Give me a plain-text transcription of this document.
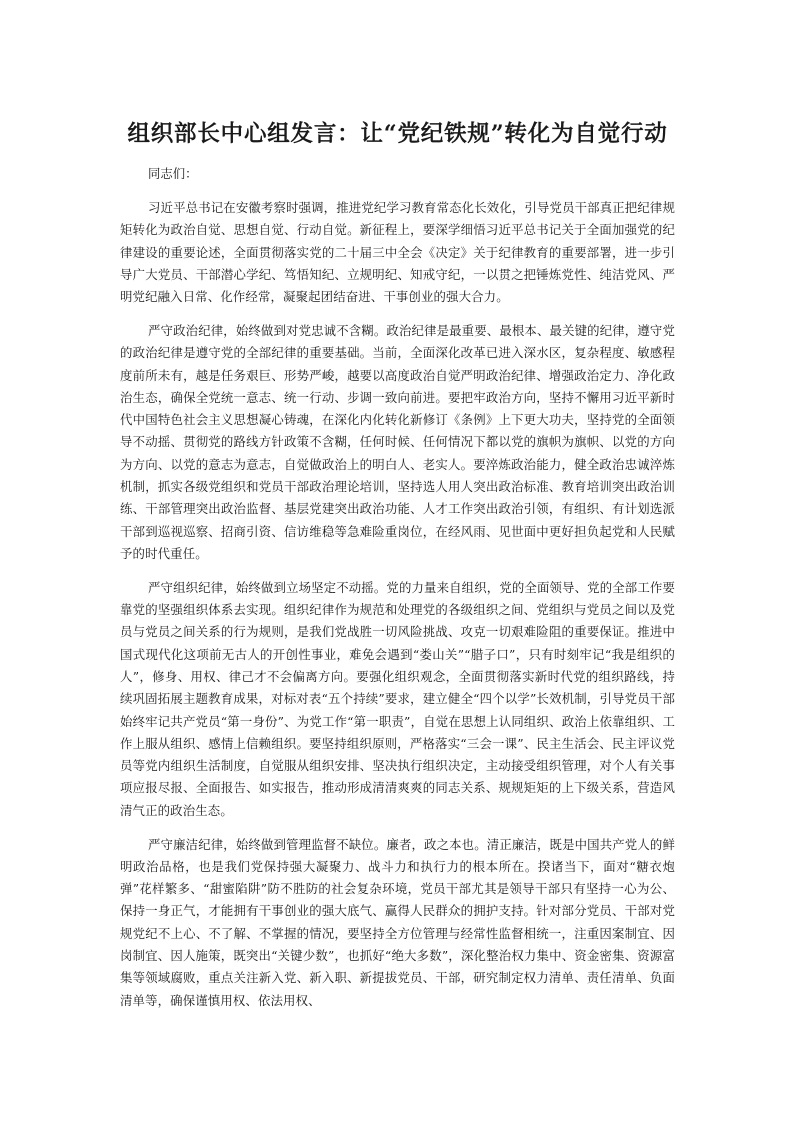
组织部长中心组发言：让“党纪铁规”转化为自觉行动

同志们：

习近平总书记在安徽考察时强调，推进党纪学习教育常态化长效化，引导党员干部真正把纪律规矩转化为政治自觉、思想自觉、行动自觉。新征程上，要深学细悟习近平总书记关于全面加强党的纪律建设的重要论述，全面贯彻落实党的二十届三中全会《决定》关于纪律教育的重要部署，进一步引导广大党员、干部潜心学纪、笃悟知纪、立规明纪、知戒守纪，一以贯之把锤炼党性、纯洁党风、严明党纪融入日常、化作经常，凝聚起团结奋进、干事创业的强大合力。

严守政治纪律，始终做到对党忠诚不含糊。政治纪律是最重要、最根本、最关键的纪律，遵守党的政治纪律是遵守党的全部纪律的重要基础。当前，全面深化改革已进入深水区，复杂程度、敏感程度前所未有，越是任务艰巨、形势严峻，越要以高度政治自觉严明政治纪律、增强政治定力、净化政治生态，确保全党统一意志、统一行动、步调一致向前进。要把牢政治方向，坚持不懈用习近平新时代中国特色社会主义思想凝心铸魂，在深化内化转化新修订《条例》上下更大功夫，坚持党的全面领导不动摇、贯彻党的路线方针政策不含糊，任何时候、任何情况下都以党的旗帜为旗帜、以党的方向为方向、以党的意志为意志，自觉做政治上的明白人、老实人。要淬炼政治能力，健全政治忠诚淬炼机制，抓实各级党组织和党员干部政治理论培训，坚持选人用人突出政治标准、教育培训突出政治训练、干部管理突出政治监督、基层党建突出政治功能、人才工作突出政治引领，有组织、有计划选派干部到巡视巡察、招商引资、信访维稳等急难险重岗位，在经风雨、见世面中更好担负起党和人民赋予的时代重任。

严守组织纪律，始终做到立场坚定不动摇。党的力量来自组织，党的全面领导、党的全部工作要靠党的坚强组织体系去实现。组织纪律作为规范和处理党的各级组织之间、党组织与党员之间以及党员与党员之间关系的行为规则，是我们党战胜一切风险挑战、攻克一切艰难险阻的重要保证。推进中国式现代化这项前无古人的开创性事业，难免会遇到“娄山关”“腊子口”，只有时刻牢记“我是组织的人”，修身、用权、律己才不会偏离方向。要强化组织观念，全面贯彻落实新时代党的组织路线，持续巩固拓展主题教育成果，对标对表“五个持续”要求，建立健全“四个以学”长效机制，引导党员干部始终牢记共产党员“第一身份”、为党工作“第一职责”，自觉在思想上认同组织、政治上依靠组织、工作上服从组织、感情上信赖组织。要坚持组织原则，严格落实“三会一课”、民主生活会、民主评议党员等党内组织生活制度，自觉服从组织安排、坚决执行组织决定，主动接受组织管理，对个人有关事项应报尽报、全面报告、如实报告，推动形成清清爽爽的同志关系、规规矩矩的上下级关系，营造风清气正的政治生态。

严守廉洁纪律，始终做到管理监督不缺位。廉者，政之本也。清正廉洁，既是中国共产党人的鲜明政治品格，也是我们党保持强大凝聚力、战斗力和执行力的根本所在。揆诸当下，面对“糖衣炮弹”花样繁多、“甜蜜陷阱”防不胜防的社会复杂环境，党员干部尤其是领导干部只有坚持一心为公、保持一身正气，才能拥有干事创业的强大底气、赢得人民群众的拥护支持。针对部分党员、干部对党规党纪不上心、不了解、不掌握的情况，要坚持全方位管理与经常性监督相统一，注重因案制宜、因岗制宜、因人施策，既突出“关键少数”，也抓好“绝大多数”，深化整治权力集中、资金密集、资源富集等领域腐败，重点关注新入党、新入职、新提拔党员、干部，研究制定权力清单、责任清单、负面清单等，确保谨慎用权、依法用权、
